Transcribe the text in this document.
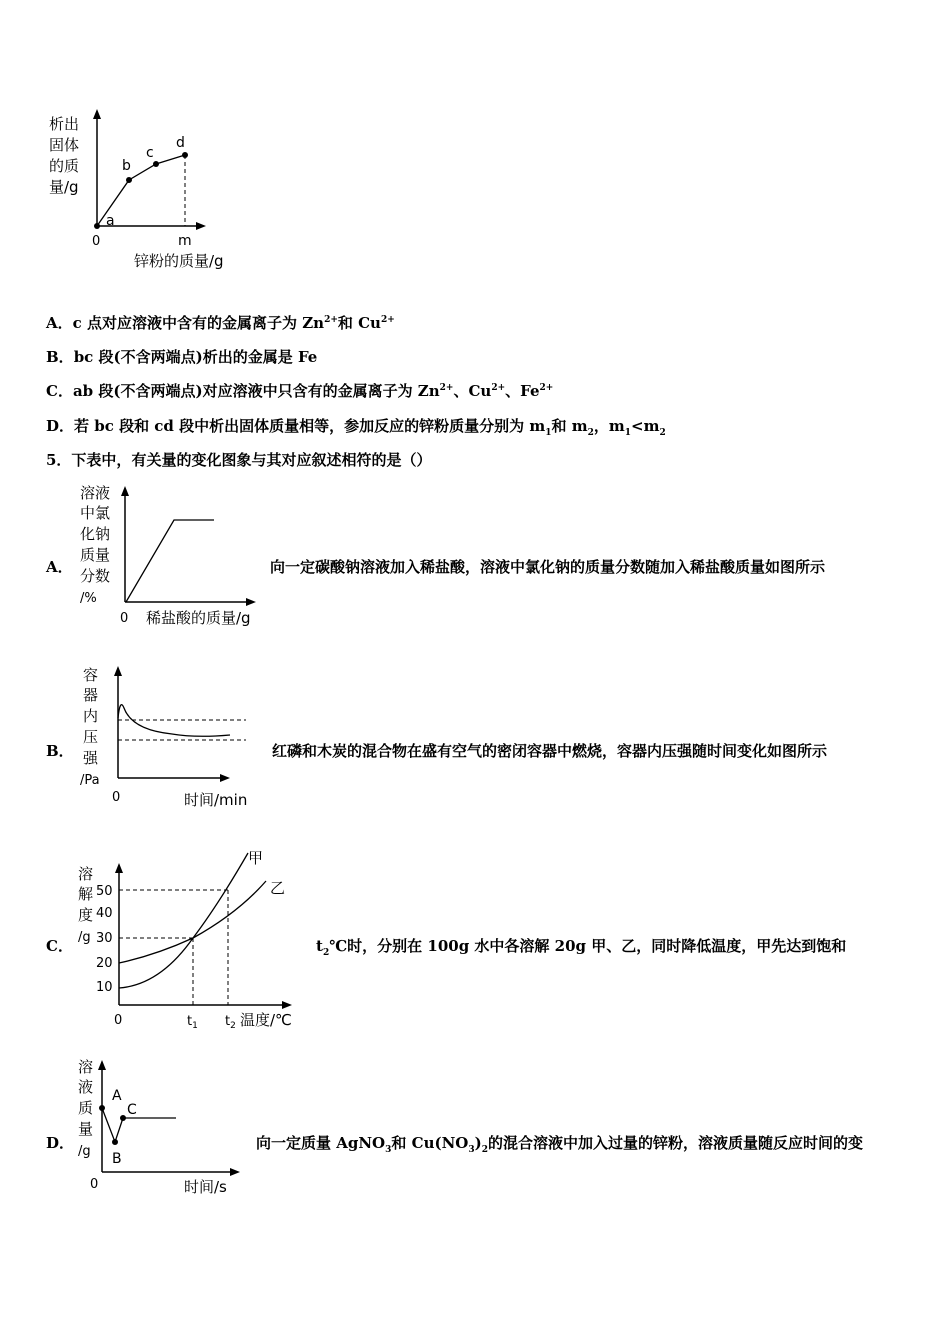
析出
固体
的质
量/g
a
b
c
d
0	m
锌粉的质量/g
A．c 点对应溶液中含有的金属离子为 $Zn^{2+}$和 $Cu^{2+}$
B．bc 段(不含两端点)析出的金属是 Fe
C．ab 段(不含两端点)对应溶液中只含有的金属离子为 $Zn^{2+}$、$Cu^{2+}$、$Fe^{2+}$
D．若 bc 段和 cd 段中析出固体质量相等，参加反应的锌粉质量分别为 $m_1$和 $m_2$，$m_1<m_2$
5．下表中，有关量的变化图象与其对应叙述相符的是（）
A．
溶液
中氯
化钠
质量
分数
/%
0 稀盐酸的质量/g
向一定碳酸钠溶液加入稀盐酸，溶液中氯化钠的质量分数随加入稀盐酸质量如图所示
B．
容
器
内
压
强
/Pa
0	时间/min
红磷和木炭的混合物在盛有空气的密闭容器中燃烧，容器内压强随时间变化如图所示
C．
溶
解
度
/g
50
40
30
20
10
甲
乙
0	$t_1$ $t_2$ 温度/℃
$t_2℃$时，分别在 100g 水中各溶解 20g 甲、乙，同时降低温度，甲先达到饱和
D．
溶
液
质
量
/g
A
B
C
0	时间/s
向一定质量 AgNO$_3$和 $Cu(NO_3)_2$的混合溶液中加入过量的锌粉，溶液质量随反应时间的变
